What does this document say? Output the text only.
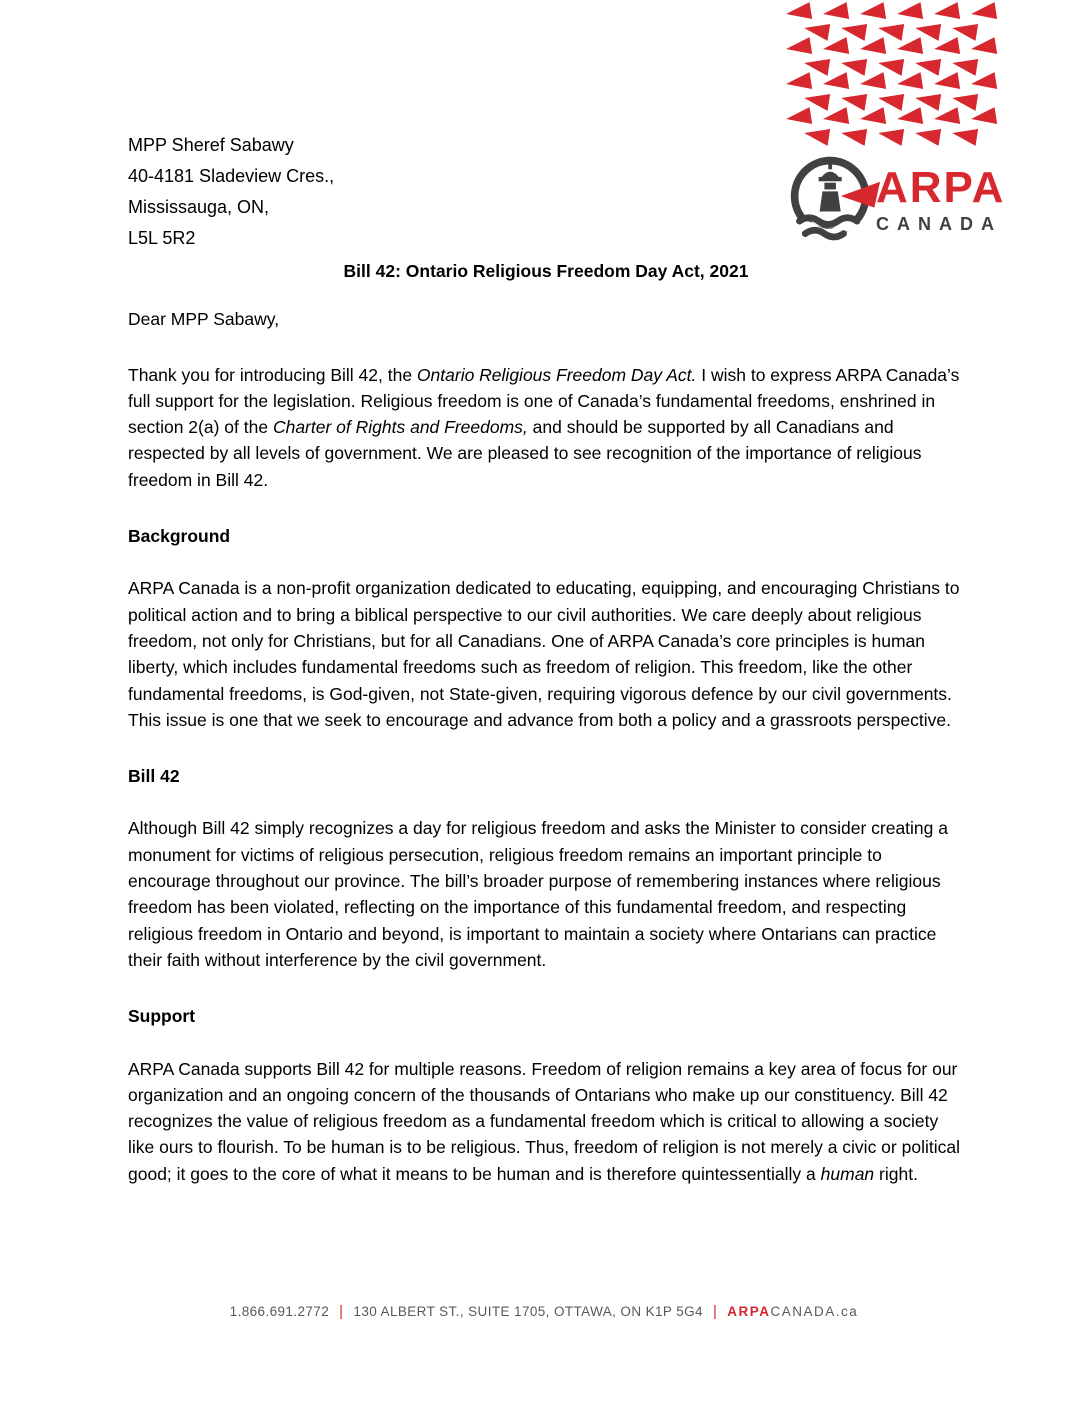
MPP Sheref Sabawy
40-4181 Sladeview Cres.,
Mississauga, ON,
L5L 5R2
ARPA
CANADA
Bill 42: Ontario Religious Freedom Day Act, 2021

Dear MPP Sabawy,

Thank you for introducing Bill 42, the Ontario Religious Freedom Day Act. I wish to express ARPA Canada’s full support for the legislation. Religious freedom is one of Canada’s fundamental freedoms, enshrined in section 2(a) of the Charter of Rights and Freedoms, and should be supported by all Canadians and respected by all levels of government. We are pleased to see recognition of the importance of religious freedom in Bill 42.

Background

ARPA Canada is a non-profit organization dedicated to educating, equipping, and encouraging Christians to political action and to bring a biblical perspective to our civil authorities. We care deeply about religious freedom, not only for Christians, but for all Canadians. One of ARPA Canada’s core principles is human liberty, which includes fundamental freedoms such as freedom of religion. This freedom, like the other fundamental freedoms, is God-given, not State-given, requiring vigorous defence by our civil governments. This issue is one that we seek to encourage and advance from both a policy and a grassroots perspective.

Bill 42

Although Bill 42 simply recognizes a day for religious freedom and asks the Minister to consider creating a monument for victims of religious persecution, religious freedom remains an important principle to encourage throughout our province. The bill’s broader purpose of remembering instances where religious freedom has been violated, reflecting on the importance of this fundamental freedom, and respecting religious freedom in Ontario and beyond, is important to maintain a society where Ontarians can practice their faith without interference by the civil government.

Support

ARPA Canada supports Bill 42 for multiple reasons. Freedom of religion remains a key area of focus for our organization and an ongoing concern of the thousands of Ontarians who make up our constituency. Bill 42 recognizes the value of religious freedom as a fundamental freedom which is critical to allowing a society like ours to flourish. To be human is to be religious. Thus, freedom of religion is not merely a civic or political good; it goes to the core of what it means to be human and is therefore quintessentially a human right.

1.866.691.2772 | 130 ALBERT ST., SUITE 1705, OTTAWA, ON K1P 5G4 | ARPACANADA.ca
